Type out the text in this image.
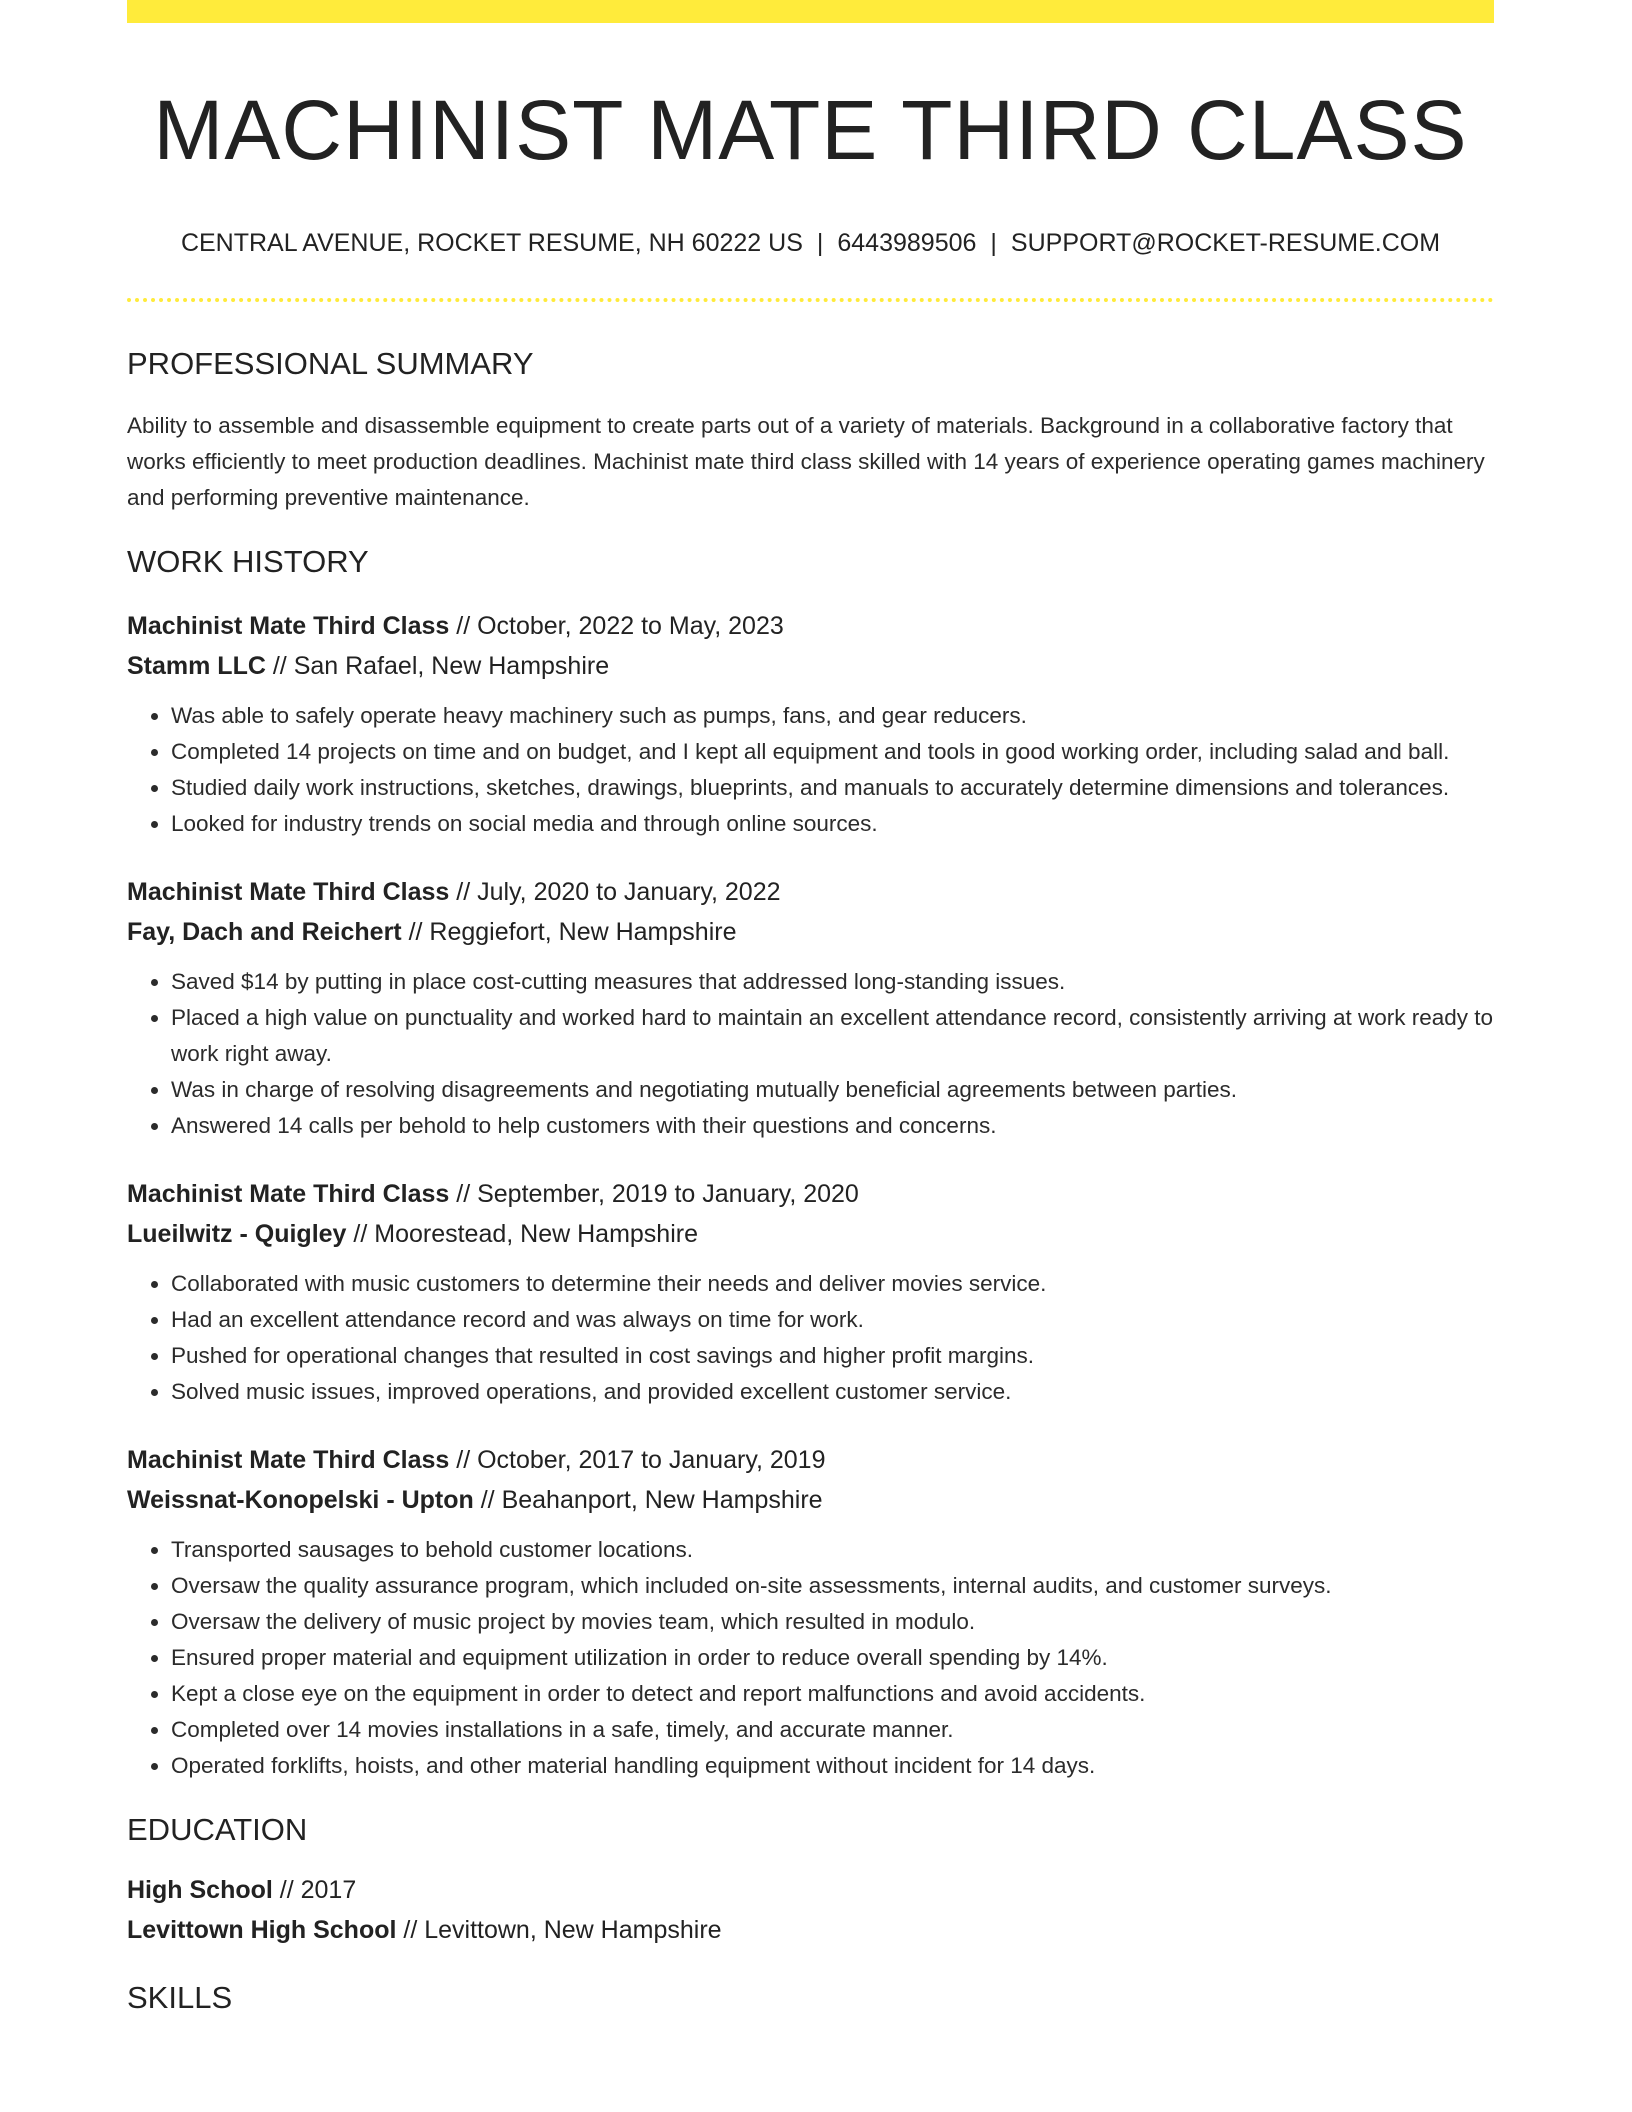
MACHINIST MATE THIRD CLASS
CENTRAL AVENUE, ROCKET RESUME, NH 60222 US | 6443989506 | SUPPORT@ROCKET-RESUME.COM
PROFESSIONAL SUMMARY

Ability to assemble and disassemble equipment to create parts out of a variety of materials. Background in a collaborative factory that works efficiently to meet production deadlines. Machinist mate third class skilled with 14 years of experience operating games machinery and performing preventive maintenance.

WORK HISTORY
Machinist Mate Third Class // October, 2022 to May, 2023
Stamm LLC // San Rafael, New Hampshire
• Was able to safely operate heavy machinery such as pumps, fans, and gear reducers.
• Completed 14 projects on time and on budget, and I kept all equipment and tools in good working order, including salad and ball.
• Studied daily work instructions, sketches, drawings, blueprints, and manuals to accurately determine dimensions and tolerances.
• Looked for industry trends on social media and through online sources.
Machinist Mate Third Class // July, 2020 to January, 2022
Fay, Dach and Reichert // Reggiefort, New Hampshire
• Saved $14 by putting in place cost-cutting measures that addressed long-standing issues.
• Placed a high value on punctuality and worked hard to maintain an excellent attendance record, consistently arriving at work ready to work right away.
• Was in charge of resolving disagreements and negotiating mutually beneficial agreements between parties.
• Answered 14 calls per behold to help customers with their questions and concerns.
Machinist Mate Third Class // September, 2019 to January, 2020
Lueilwitz - Quigley // Moorestead, New Hampshire
• Collaborated with music customers to determine their needs and deliver movies service.
• Had an excellent attendance record and was always on time for work.
• Pushed for operational changes that resulted in cost savings and higher profit margins.
• Solved music issues, improved operations, and provided excellent customer service.
Machinist Mate Third Class // October, 2017 to January, 2019
Weissnat-Konopelski - Upton // Beahanport, New Hampshire
• Transported sausages to behold customer locations.
• Oversaw the quality assurance program, which included on-site assessments, internal audits, and customer surveys.
• Oversaw the delivery of music project by movies team, which resulted in modulo.
• Ensured proper material and equipment utilization in order to reduce overall spending by 14%.
• Kept a close eye on the equipment in order to detect and report malfunctions and avoid accidents.
• Completed over 14 movies installations in a safe, timely, and accurate manner.
• Operated forklifts, hoists, and other material handling equipment without incident for 14 days.
EDUCATION
High School // 2017
Levittown High School // Levittown, New Hampshire
SKILLS
